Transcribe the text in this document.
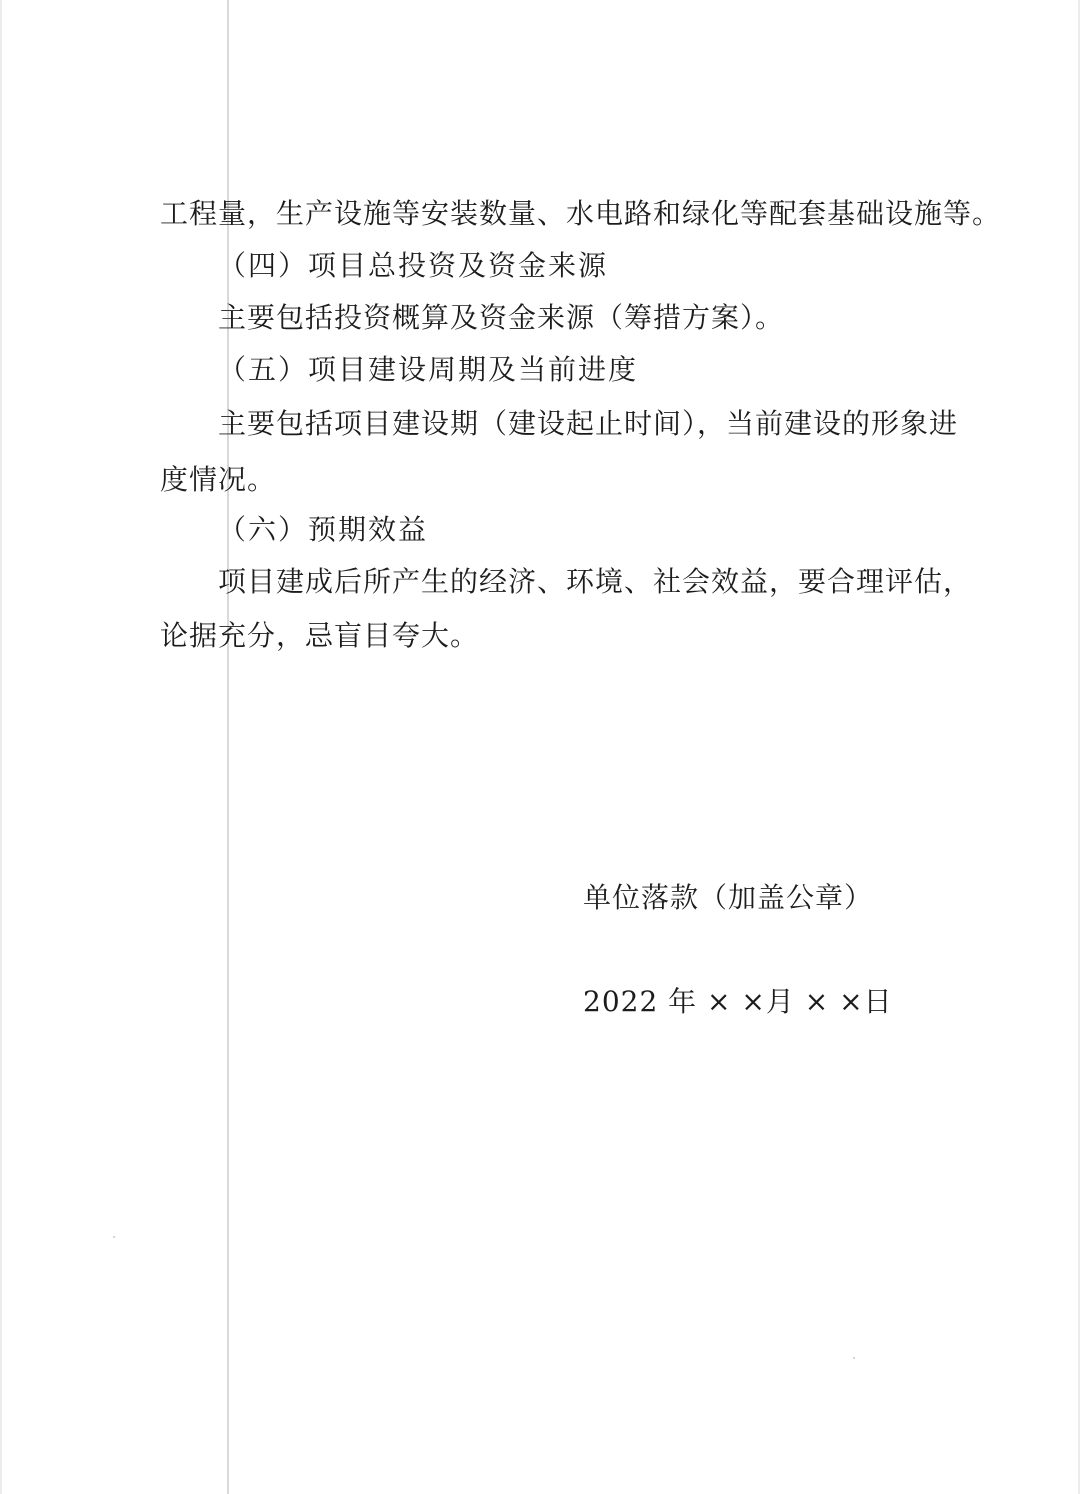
工程量，生产设施等安装数量、水电路和绿化等配套基础设施等。

（四）项目总投资及资金来源

主要包括投资概算及资金来源（筹措方案）。

（五）项目建设周期及当前进度

主要包括项目建设期（建设起止时间），当前建设的形象进

度情况。

（六）预期效益

项目建成后所产生的经济、环境、社会效益，要合理评估，

论据充分，忌盲目夸大。

单位落款（加盖公章）
2022 年 × ×月 × ×日
